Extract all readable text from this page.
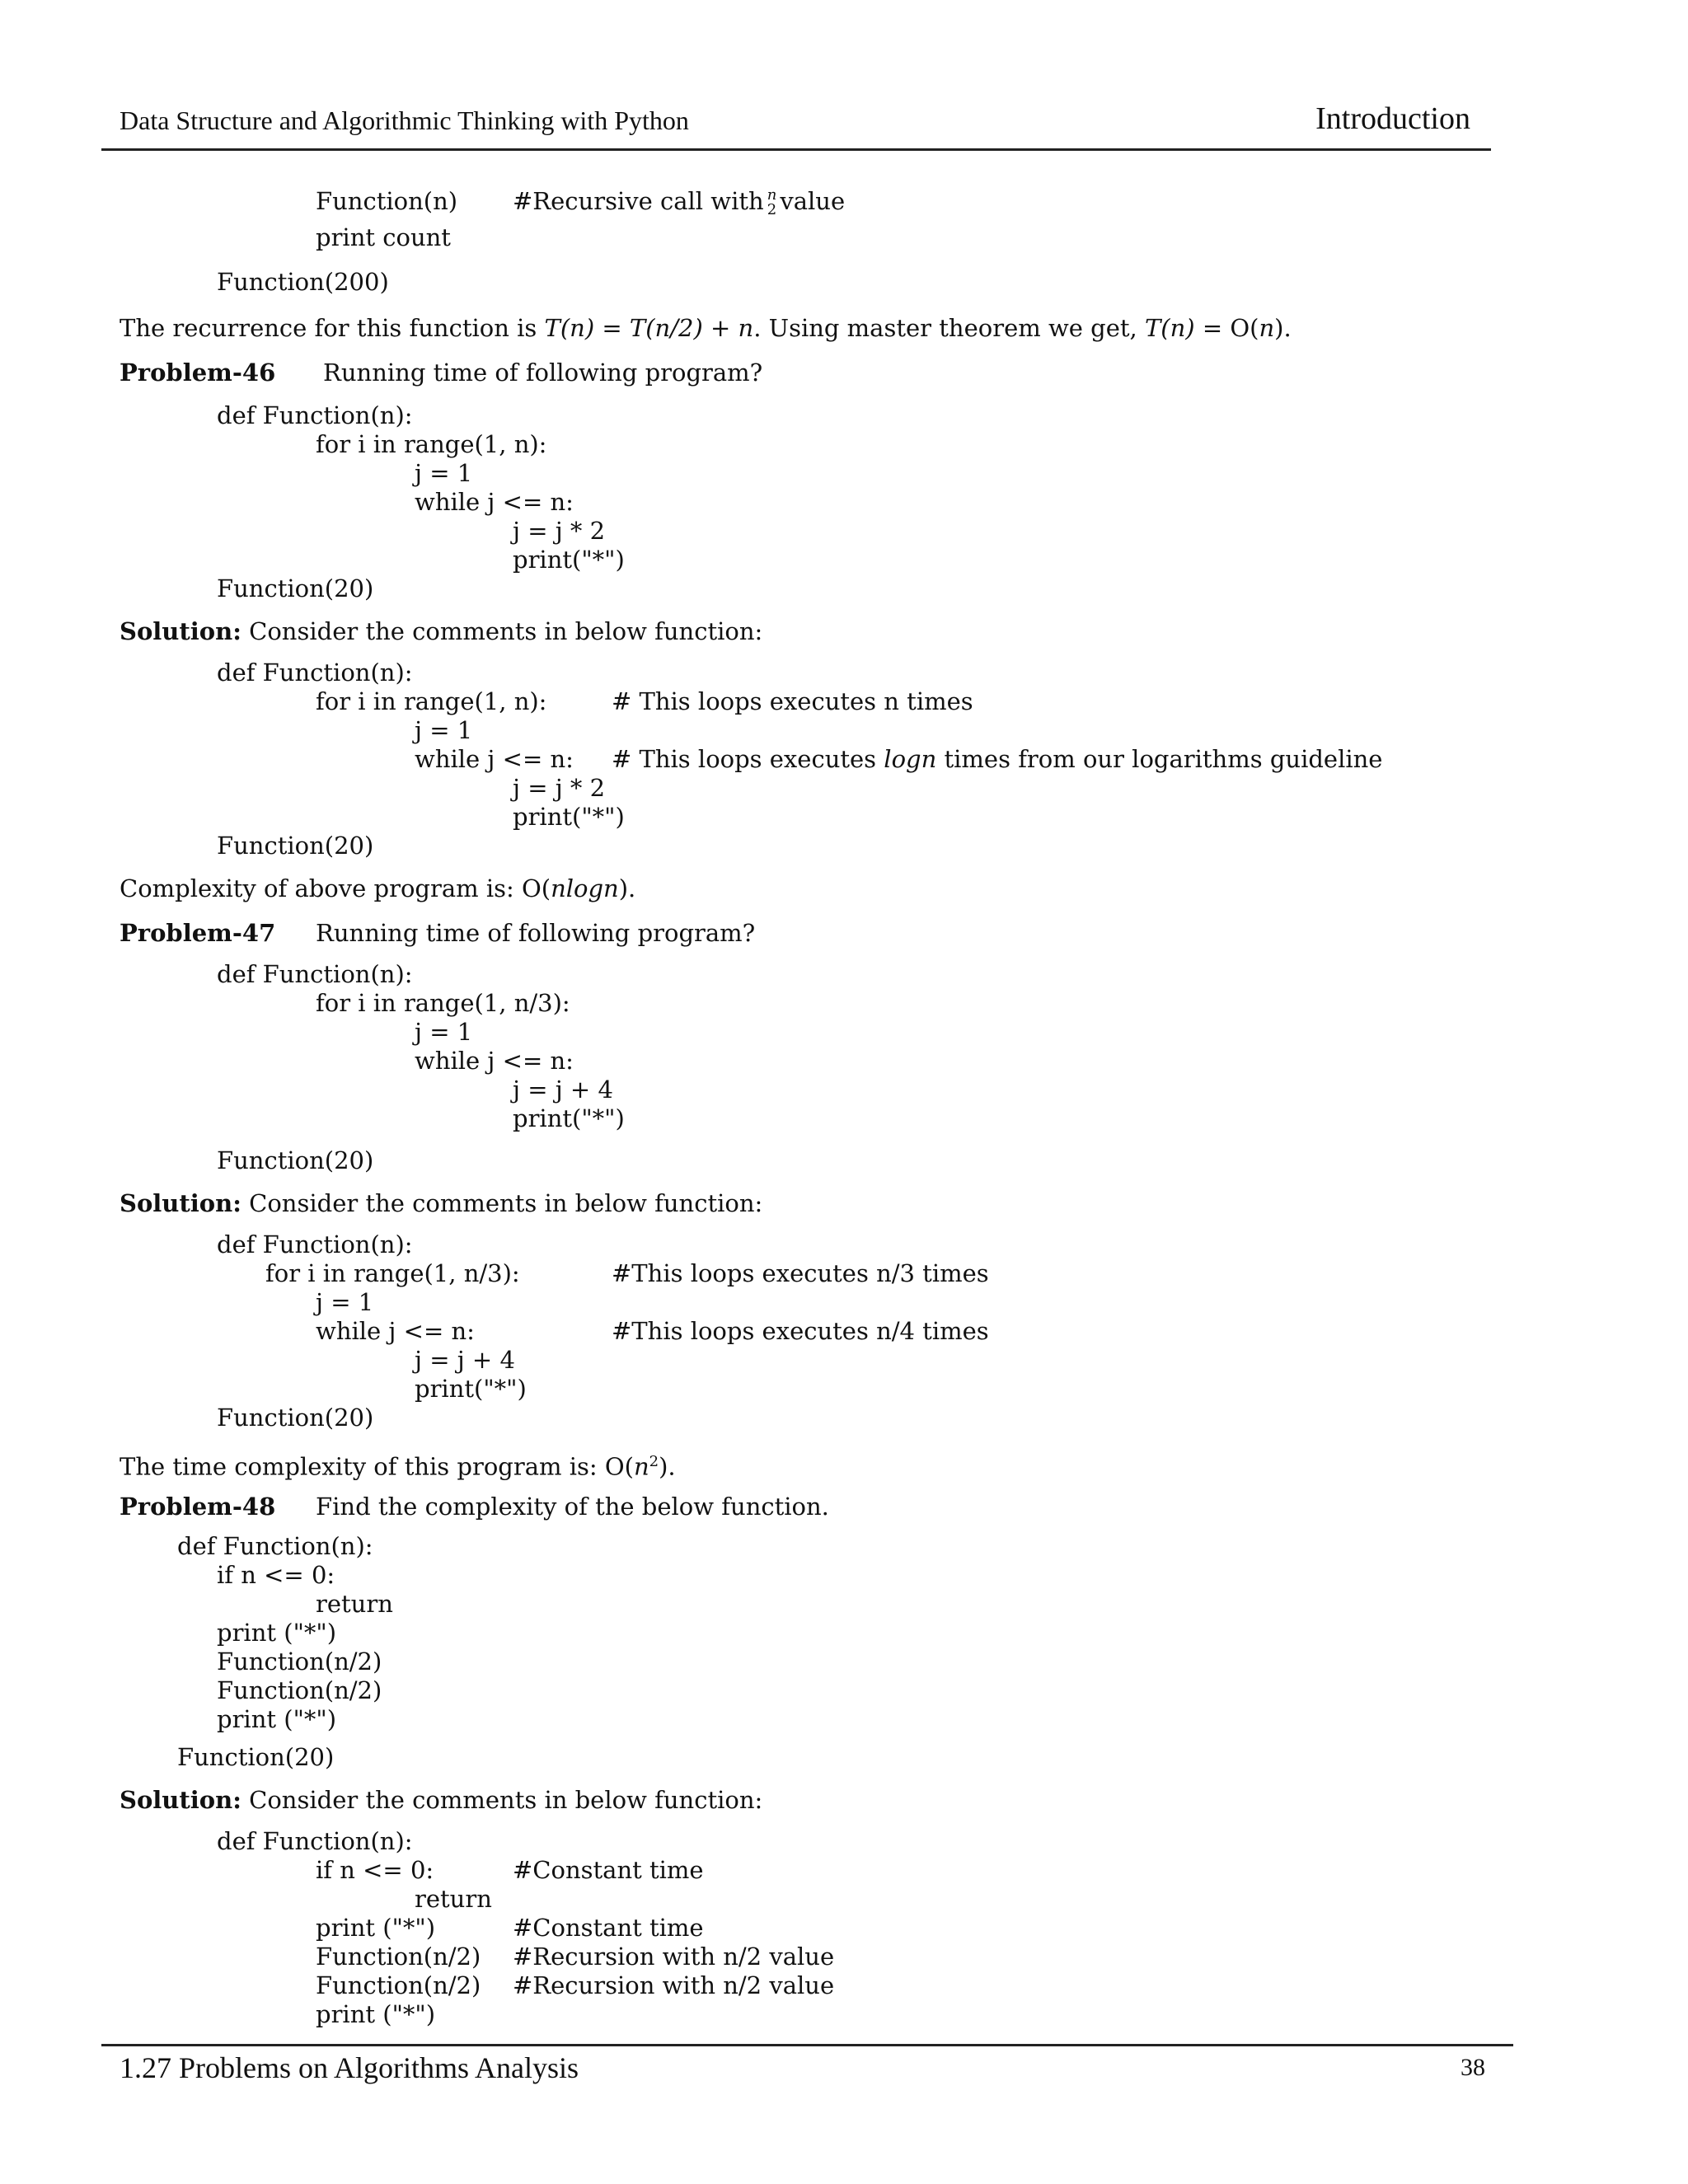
Data Structure and Algorithmic Thinking with Python	Introduction
1.27 Problems on Algorithms Analysis	38
Function(n) #Recursive call with n
2 value
print count
Function(200)
The recurrence for this function is T(n) = T(n/2) + n. Using master theorem we get, T(n) = O(n).
Problem-46 Running time of following program?
def Function(n):
for i in range(1, n):
j = 1
while j <= n:
j = j * 2
print("*")
Function(20)
Solution: Consider the comments in below function:
def Function(n):
for i in range(1, n):	# This loops executes n times
j = 1
while j <= n: # This loops executes logn times from our logarithms guideline
j = j * 2
print("*")
Function(20)
Complexity of above program is: O(nlogn).
Problem-47 Running time of following program?
def Function(n):
for i in range(1, n/3):
j = 1
while j <= n:
j = j + 4
print("*")
Function(20)
Solution: Consider the comments in below function:
def Function(n):
for i in range(1, n/3):	#This loops executes n/3 times
j = 1
while j <= n:	#This loops executes n/4 times
j = j + 4
print("*")
Function(20)
The time complexity of this program is: $O(n^2)$.
Problem-48 Find the complexity of the below function.
def Function(n):
if n <= 0:
return
print ("*")
Function(n/2)
Function(n/2)
print ("*")
Function(20)
Solution: Consider the comments in below function:
def Function(n):
if n <= 0:	#Constant time
return
print ("*")	#Constant time
Function(n/2) #Recursion with n/2 value
Function(n/2) #Recursion with n/2 value
print ("*")
